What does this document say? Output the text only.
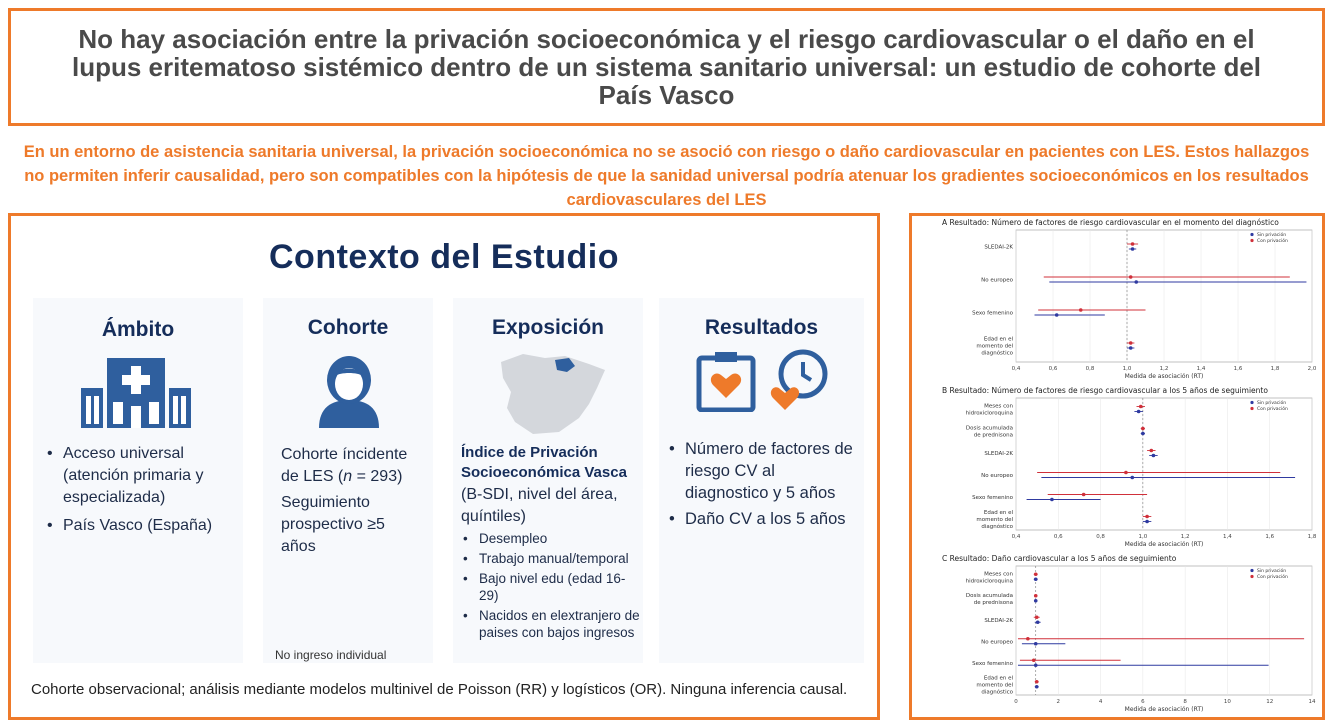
No hay asociación entre la privación socioeconómica y el riesgo cardiovascular o el daño en el lupus eritematoso sistémico dentro de un sistema sanitario universal: un estudio de cohorte del País Vasco
En un entorno de asistencia sanitaria universal, la privación socioeconómica no se asoció con riesgo o daño cardiovascular en pacientes con LES. Estos hallazgos no permiten inferir causalidad, pero son compatibles con la hipótesis de que la sanidad universal podría atenuar los gradientes socioeconómicos en los resultados cardiovasculares del LES
Contexto del Estudio
Ámbito
• Acceso universal (atención primaria y especializada)
• País Vasco (España)
Cohorte
Cohorte íncidente de LES (n = 293)
Seguimiento prospectivo ≥5 años
No ingreso individual
Exposición
Índice de Privación Socioeconómica Vasca
(B-SDI, nivel del área, quíntiles)
• Desempleo
• Trabajo manual/temporal
• Bajo nivel edu (edad 16-29)
• Nacidos en elextranjero de paises con bajos ingresos
Resultados
• Número de factores de riesgo CV al diagnostico y 5 años
• Daño CV a los 5 años
Cohorte observacional; análisis mediante modelos multinivel de Poisson (RR) y logísticos (OR). Ninguna inferencia causal.
A Resultado: Número de factores de riesgo cardiovascular en el momento del diagnóstico
0,4	0,6	0,8	1,0	1,2	1,4	1,6	1,8	2,0
Medida de asociación (RT)
Sin privación
Con privación
SLEDAI-2K
No europeo
Sexo femenino
Edad en el
momento del
diagnóstico
B Resultado: Número de factores de riesgo cardiovascular a los 5 años de seguimiento
0,4	0,6	0,8	1,0	1,2	1,4	1,6	1,8
Medida de asociación (RT)
Sin privación
Con privación
Meses con
hidroxicloroquina
Dosis acumulada
de prednisona
SLEDAI-2K
No europeo
Sexo femenino
Edad en el
momento del
diagnóstico
C Resultado: Daño cardiovascular a los 5 años de seguimiento
0	2	4	6	8	10	12	14
Medida de asociación (RT)
Sin privación
Con privación
Meses con
hidroxicloroquina
Dosis acumulada
de prednisona
SLEDAI-2K
No europeo
Sexo femenino
Edad en el
momento del
diagnóstico
